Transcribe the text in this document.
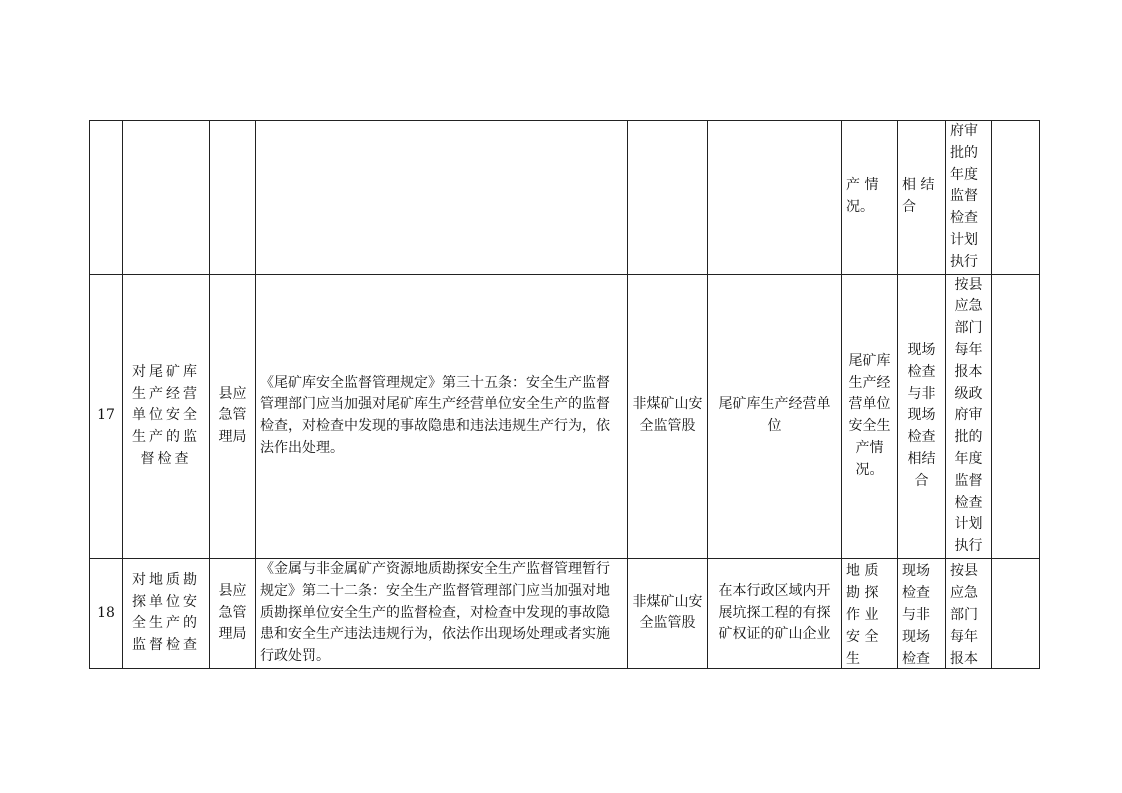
						产 情况。	相 结合	府审批的年度监督检查计划执行	
17	对尾矿库生产经营单位安全生产的监督检查	县应急管理局	《尾矿库安全监督管理规定》第三十五条：安全生产监督管理部门应当加强对尾矿库生产经营单位安全生产的监督检查，对检查中发现的事故隐患和违法违规生产行为，依法作出处理。	非煤矿山安全监管股	尾矿库生产经营单位	尾矿库生产经营单位安全生产情况。	现场检查与非现场检查相结合	按县应急部门每年报本级政府审批的年度监督检查计划执行	
18	对地质勘探单位安全生产的监督检查	县应急管理局	《金属与非金属矿产资源地质勘探安全生产监督管理暂行规定》第二十二条：安全生产监督管理部门应当加强对地质勘探单位安全生产的监督检查，对检查中发现的事故隐患和安全生产违法违规行为，依法作出现场处理或者实施行政处罚。	非煤矿山安全监管股	在本行政区域内开展坑探工程的有探矿权证的矿山企业	地 质 勘 探 作 业 安 全 生	现场检查与非现场检查	按县应急部门每年报本	
